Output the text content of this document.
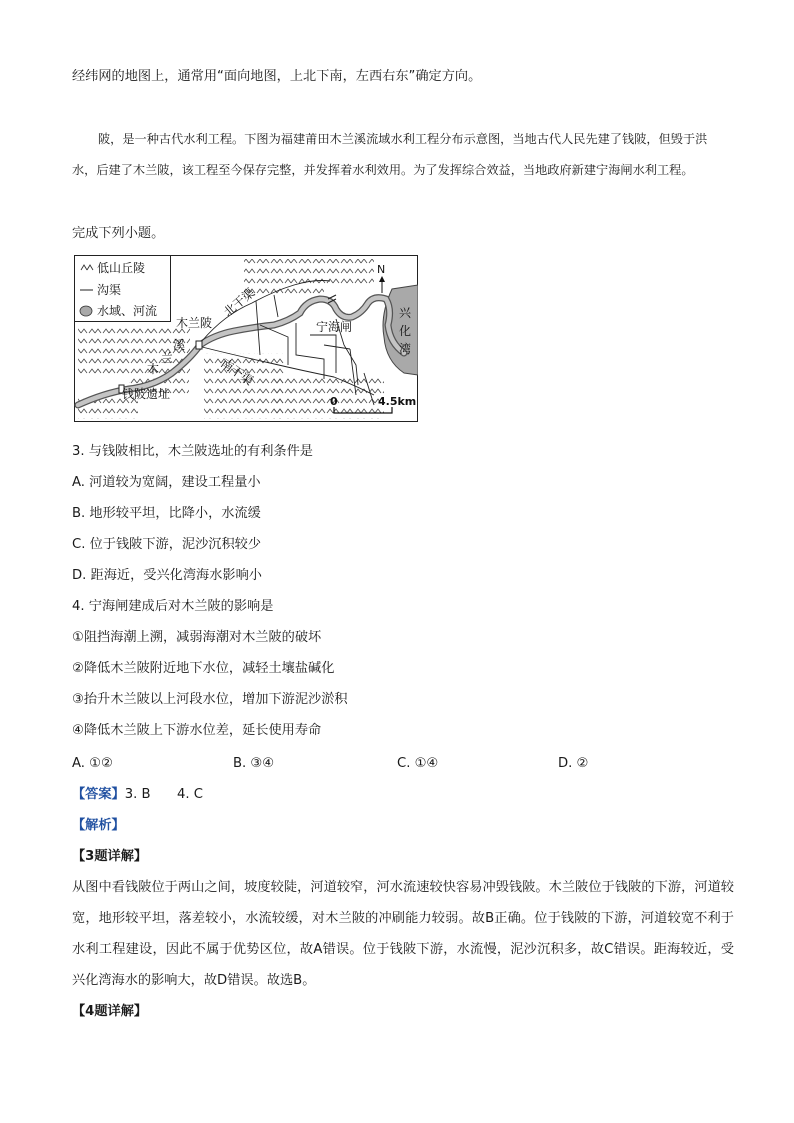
经纬网的地图上，通常用“面向地图，上北下南，左西右东”确定方向。
陂，是一种古代水利工程。下图为福建莆田木兰溪流域水利工程分布示意图，当地古代人民先建了钱陂，但毁于洪水，后建了木兰陂，该工程至今保存完整，并发挥着水利效用。为了发挥综合效益，当地政府新建宁海闸水利工程。
完成下列小题。
低山丘陵
沟渠
水域、河流
N
北干渠
木兰陂
溪
兰
木	南干渠
宁海闸
钱陂遗址
兴
化
湾
0	4.5km
3. 与钱陂相比，木兰陂选址的有利条件是
A. 河道较为宽阔，建设工程量小
B. 地形较平坦，比降小，水流缓
C. 位于钱陂下游，泥沙沉积较少
D. 距海近，受兴化湾海水影响小
4. 宁海闸建成后对木兰陂的影响是
①阻挡海潮上溯，减弱海潮对木兰陂的破坏
②降低木兰陂附近地下水位，减轻土壤盐碱化
③抬升木兰陂以上河段水位，增加下游泥沙淤积
④降低木兰陂上下游水位差，延长使用寿命
A. ①②	B. ③④	C. ①④	D. ②
【答案】3. B　　4. C
【解析】
【3题详解】
从图中看钱陂位于两山之间，坡度较陡，河道较窄，河水流速较快容易冲毁钱陂。木兰陂位于钱陂的下游，河道较宽，地形较平坦，落差较小，水流较缓，对木兰陂的冲刷能力较弱。故B正确。位于钱陂的下游，河道较宽不利于水利工程建设，因此不属于优势区位，故A错误。位于钱陂下游，水流慢，泥沙沉积多，故C错误。距海较近，受兴化湾海水的影响大，故D错误。故选B。
【4题详解】
